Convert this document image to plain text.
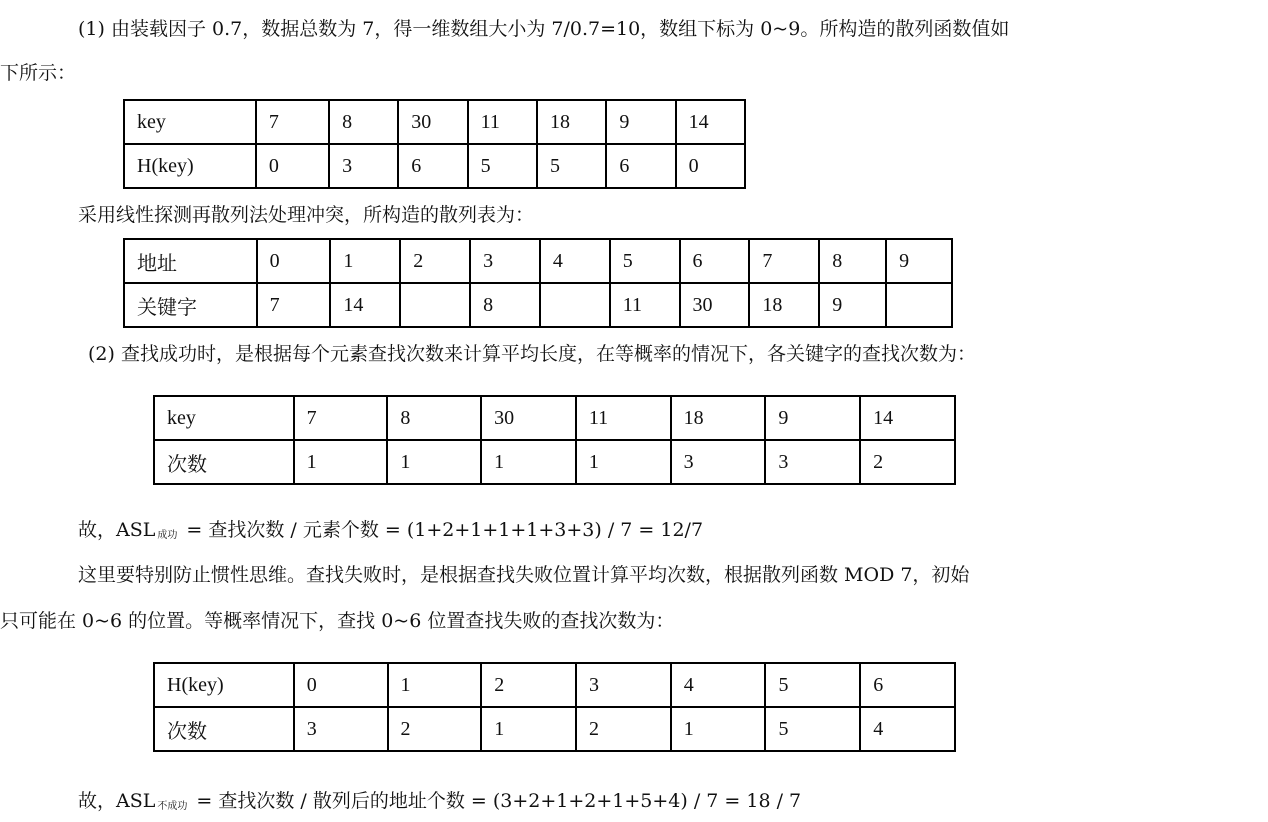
(1) 由装载因子 0.7，数据总数为 7，得一维数组大小为 7/0.7=10，数组下标为 0~9。所构造的散列函数值如
下所示：
key	7	8	30	11	18	9	14
H(key)	0	3	6	5	5	6	0
采用线性探测再散列法处理冲突，所构造的散列表为：
地址	0	1	2	3	4	5	6	7	8	9
关键字	7	14		8		11	30	18	9	
(2) 查找成功时，是根据每个元素查找次数来计算平均长度，在等概率的情况下，各关键字的查找次数为：
key	7	8	30	11	18	9	14
次数	1	1	1	1	3	3	2
故，ASL $_{成功}$ = 查找次数 / 元素个数 = (1+2+1+1+1+3+3) / 7 = 12/7
这里要特别防止惯性思维。查找失败时，是根据查找失败位置计算平均次数，根据散列函数 MOD 7，初始
只可能在 0~6 的位置。等概率情况下，查找 0~6 位置查找失败的查找次数为：
H(key)	0	1	2	3	4	5	6
次数	3	2	1	2	1	5	4
故，ASL $_{不成功}$ = 查找次数 / 散列后的地址个数 = (3+2+1+2+1+5+4) / 7 = 18 / 7
